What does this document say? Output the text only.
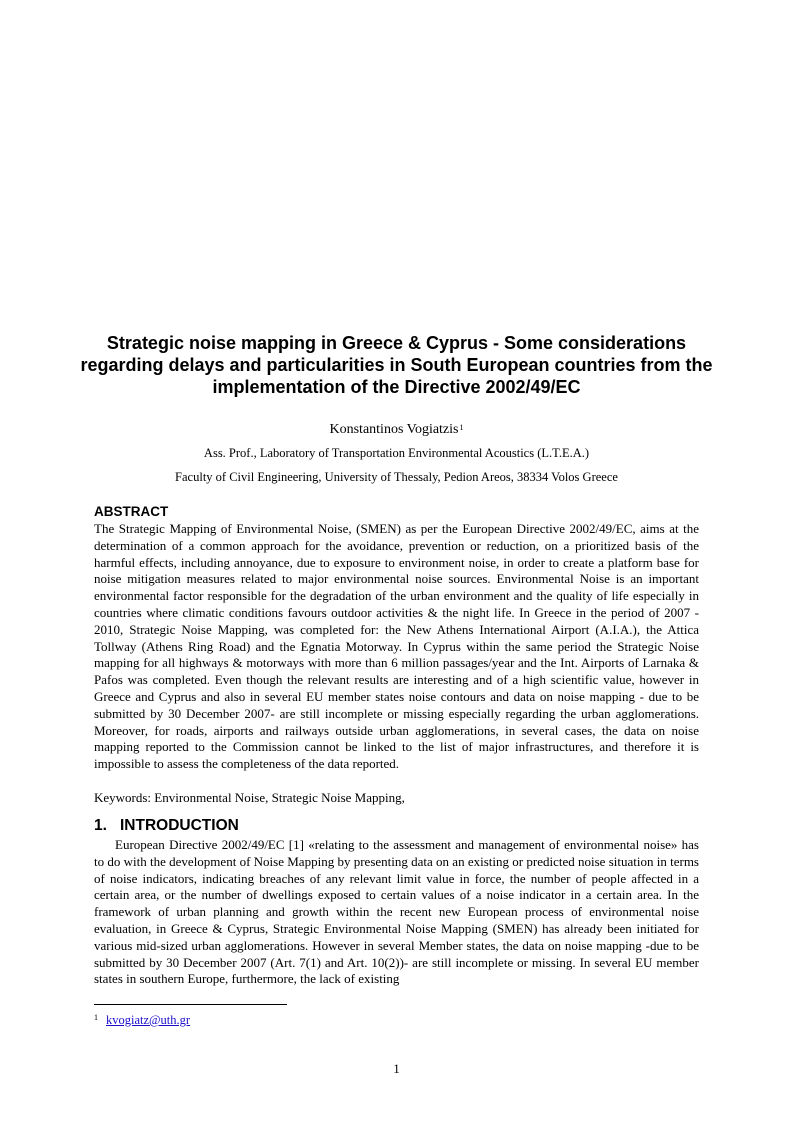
Strategic noise mapping in Greece & Cyprus - Some considerations regarding delays and particularities in South European countries from the implementation of the Directive 2002/49/EC
Konstantinos Vogiatzis$^1$
Ass. Prof., Laboratory of Transportation Environmental Acoustics (L.T.E.A.)
Faculty of Civil Engineering, University of Thessaly, Pedion Areos, 38334 Volos Greece
ABSTRACT

The Strategic Mapping of Environmental Noise, (SMEN) as per the European Directive 2002/49/EC, aims at the determination of a common approach for the avoidance, prevention or reduction, on a prioritized basis of the harmful effects, including annoyance, due to exposure to environment noise, in order to create a platform base for noise mitigation measures related to major environmental noise sources. Environmental Noise is an important environmental factor responsible for the degradation of the urban environment and the quality of life especially in countries where climatic conditions favours outdoor activities & the night life. In Greece in the period of 2007 - 2010, Strategic Noise Mapping, was completed for: the New Athens International Airport (A.I.A.), the Attica Tollway (Athens Ring Road) and the Egnatia Motorway. In Cyprus within the same period the Strategic Noise mapping for all highways & motorways with more than 6 million passages/year and the Int. Airports of Larnaka & Pafos was completed. Even though the relevant results are interesting and of a high scientific value, however in Greece and Cyprus and also in several EU member states noise contours and data on noise mapping - due to be submitted by 30 December 2007- are still incomplete or missing especially regarding the urban agglomerations. Moreover, for roads, airports and railways outside urban agglomerations, in several cases, the data on noise mapping reported to the Commission cannot be linked to the list of major infrastructures, and therefore it is impossible to assess the completeness of the data reported.

Keywords: Environmental Noise, Strategic Noise Mapping,

1. INTRODUCTION

European Directive 2002/49/EC [1] «relating to the assessment and management of environmental noise» has to do with the development of Noise Mapping by presenting data on an existing or predicted noise situation in terms of noise indicators, indicating breaches of any relevant limit value in force, the number of people affected in a certain area, or the number of dwellings exposed to certain values of a noise indicator in a certain area. In the framework of urban planning and growth within the recent new European process of environmental noise evaluation, in Greece & Cyprus, Strategic Environmental Noise Mapping (SMEN) has already been initiated for various mid-sized urban agglomerations. However in several Member states, the data on noise mapping -due to be submitted by 30 December 2007 (Art. 7(1) and Art. 10(2))- are still incomplete or missing. In several EU member states in southern Europe, furthermore, the lack of existing

$^1$ kvogiatz@uth.gr
1
